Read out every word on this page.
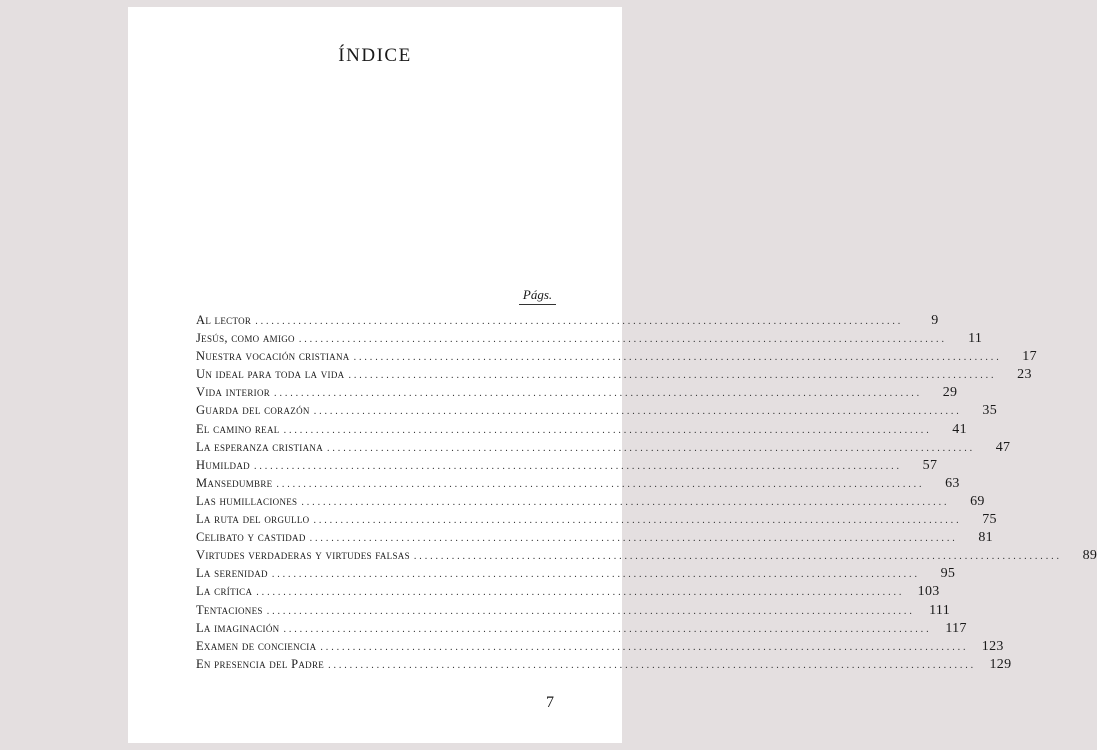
ÍNDICE
Págs.
Al lector . . . . . . . . . . . . . . . . . . . . . . . . . . . . . . . . . . . . . . . . . . . . . . . . . . . . . . . . . . . . . . . . . . . . . . . . . . . . . . . . . . . . . . . . . . . . . . . . . . . . . . . . . . . . . . . . . . . . . . . .	9
Jesús, como amigo . . . . . . . . . . . . . . . . . . . . . . . . . . . . . . . . . . . . . . . . . . . . . . . . . . . . . . . . . . . . . . . . . . . . . . . . . . . . . . . . . . . . . . . . . . . . . . . . . . . . . . . . . . . . . . . . . . . . . . . .	11
Nuestra vocación cristiana . . . . . . . . . . . . . . . . . . . . . . . . . . . . . . . . . . . . . . . . . . . . . . . . . . . . . . . . . . . . . . . . . . . . . . . . . . . . . . . . . . . . . . . . . . . . . . . . . . . . . . . . . . . . . . . . . . . . . . . .	17
Un ideal para toda la vida . . . . . . . . . . . . . . . . . . . . . . . . . . . . . . . . . . . . . . . . . . . . . . . . . . . . . . . . . . . . . . . . . . . . . . . . . . . . . . . . . . . . . . . . . . . . . . . . . . . . . . . . . . . . . . . . . . . . . . . .	23
Vida interior . . . . . . . . . . . . . . . . . . . . . . . . . . . . . . . . . . . . . . . . . . . . . . . . . . . . . . . . . . . . . . . . . . . . . . . . . . . . . . . . . . . . . . . . . . . . . . . . . . . . . . . . . . . . . . . . . . . . . . . .	29
Guarda del corazón . . . . . . . . . . . . . . . . . . . . . . . . . . . . . . . . . . . . . . . . . . . . . . . . . . . . . . . . . . . . . . . . . . . . . . . . . . . . . . . . . . . . . . . . . . . . . . . . . . . . . . . . . . . . . . . . . . . . . . . .	35
El camino real . . . . . . . . . . . . . . . . . . . . . . . . . . . . . . . . . . . . . . . . . . . . . . . . . . . . . . . . . . . . . . . . . . . . . . . . . . . . . . . . . . . . . . . . . . . . . . . . . . . . . . . . . . . . . . . . . . . . . . . .	41
La esperanza cristiana . . . . . . . . . . . . . . . . . . . . . . . . . . . . . . . . . . . . . . . . . . . . . . . . . . . . . . . . . . . . . . . . . . . . . . . . . . . . . . . . . . . . . . . . . . . . . . . . . . . . . . . . . . . . . . . . . . . . . . . .	47
Humildad . . . . . . . . . . . . . . . . . . . . . . . . . . . . . . . . . . . . . . . . . . . . . . . . . . . . . . . . . . . . . . . . . . . . . . . . . . . . . . . . . . . . . . . . . . . . . . . . . . . . . . . . . . . . . . . . . . . . . . . .	57
Mansedumbre . . . . . . . . . . . . . . . . . . . . . . . . . . . . . . . . . . . . . . . . . . . . . . . . . . . . . . . . . . . . . . . . . . . . . . . . . . . . . . . . . . . . . . . . . . . . . . . . . . . . . . . . . . . . . . . . . . . . . . . .	63
Las humillaciones . . . . . . . . . . . . . . . . . . . . . . . . . . . . . . . . . . . . . . . . . . . . . . . . . . . . . . . . . . . . . . . . . . . . . . . . . . . . . . . . . . . . . . . . . . . . . . . . . . . . . . . . . . . . . . . . . . . . . . . .	69
La ruta del orgullo . . . . . . . . . . . . . . . . . . . . . . . . . . . . . . . . . . . . . . . . . . . . . . . . . . . . . . . . . . . . . . . . . . . . . . . . . . . . . . . . . . . . . . . . . . . . . . . . . . . . . . . . . . . . . . . . . . . . . . . .	75
Celibato y castidad . . . . . . . . . . . . . . . . . . . . . . . . . . . . . . . . . . . . . . . . . . . . . . . . . . . . . . . . . . . . . . . . . . . . . . . . . . . . . . . . . . . . . . . . . . . . . . . . . . . . . . . . . . . . . . . . . . . . . . . .	81
Virtudes verdaderas y virtudes falsas . . . . . . . . . . . . . . . . . . . . . . . . . . . . . . . . . . . . . . . . . . . . . . . . . . . . . . . . . . . . . . . . . . . . . . . . . . . . . . . . . . . . . . . . . . . . . . . . . . . . . . . . . . . . . . . . . . . . . . . .	89
La serenidad . . . . . . . . . . . . . . . . . . . . . . . . . . . . . . . . . . . . . . . . . . . . . . . . . . . . . . . . . . . . . . . . . . . . . . . . . . . . . . . . . . . . . . . . . . . . . . . . . . . . . . . . . . . . . . . . . . . . . . . .	95
La crítica . . . . . . . . . . . . . . . . . . . . . . . . . . . . . . . . . . . . . . . . . . . . . . . . . . . . . . . . . . . . . . . . . . . . . . . . . . . . . . . . . . . . . . . . . . . . . . . . . . . . . . . . . . . . . . . . . . . . . . . .	103
Tentaciones . . . . . . . . . . . . . . . . . . . . . . . . . . . . . . . . . . . . . . . . . . . . . . . . . . . . . . . . . . . . . . . . . . . . . . . . . . . . . . . . . . . . . . . . . . . . . . . . . . . . . . . . . . . . . . . . . . . . . . . .	111
La imaginación . . . . . . . . . . . . . . . . . . . . . . . . . . . . . . . . . . . . . . . . . . . . . . . . . . . . . . . . . . . . . . . . . . . . . . . . . . . . . . . . . . . . . . . . . . . . . . . . . . . . . . . . . . . . . . . . . . . . . . . .	117
Examen de conciencia . . . . . . . . . . . . . . . . . . . . . . . . . . . . . . . . . . . . . . . . . . . . . . . . . . . . . . . . . . . . . . . . . . . . . . . . . . . . . . . . . . . . . . . . . . . . . . . . . . . . . . . . . . . . . . . . . . . . . . . .	123
En presencia del Padre . . . . . . . . . . . . . . . . . . . . . . . . . . . . . . . . . . . . . . . . . . . . . . . . . . . . . . . . . . . . . . . . . . . . . . . . . . . . . . . . . . . . . . . . . . . . . . . . . . . . . . . . . . . . . . . . . . . . . . . .	129
7
